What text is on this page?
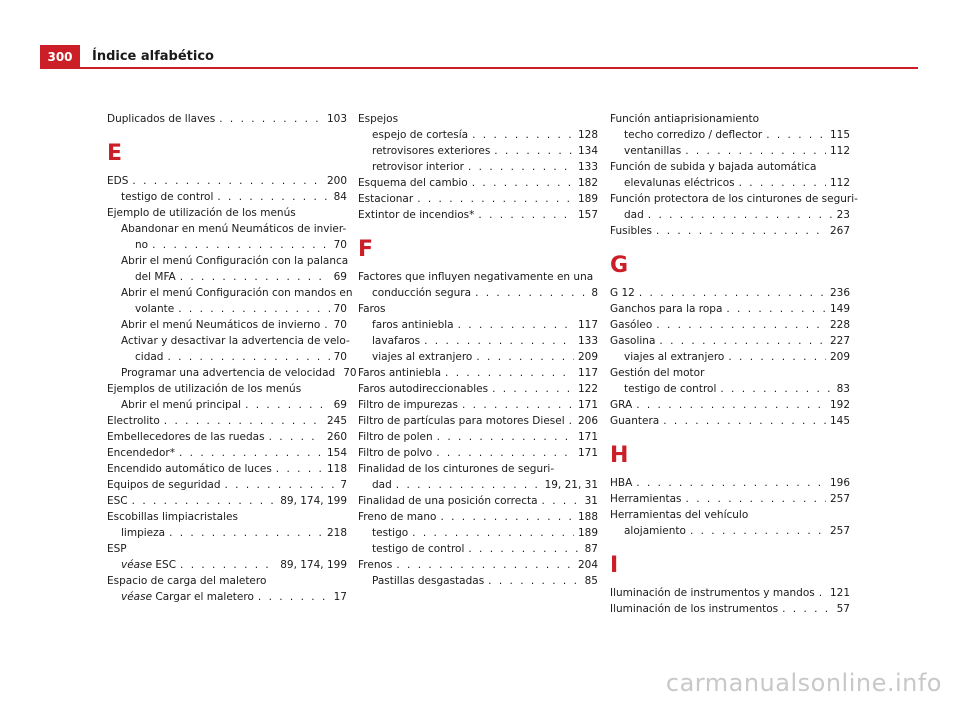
300	Índice alfabético
Duplicados de llaves . . .	103
E
EDS . . .	200
testigo de control . . .	84
Ejemplo de utilización de los menús
Abandonar en menú Neumáticos de invier-
no . . .	70
Abrir el menú Configuración con la palanca
del MFA . . .	69
Abrir el menú Configuración con mandos en
volante . . .	70
Abrir el menú Neumáticos de invierno . . . 70
Activar y desactivar la advertencia de velo-
cidad . . .	70
Programar una advertencia de velocidad 70
Ejemplos de utilización de los menús
Abrir el menú principal . . .	69
Electrolito . . .	245
Embellecedores de las ruedas . . .	260
Encendedor* . . .	154
Encendido automático de luces . . .	118
Equipos de seguridad . . .	7
ESC . . .	89, 174, 199
Escobillas limpiacristales
limpieza . . .	218
ESP
véase
ESC . . .	89, 174, 199
Espacio de carga del maletero
véase
Cargar el maletero . . .	17
Espejos
espejo de cortesía . . .	128
retrovisores exteriores . . .	134
retrovisor interior . . .	133
Esquema del cambio . . .	182
Estacionar . . .	189
Extintor de incendios* . . .	157
F
Factores que influyen negativamente en una
conducción segura . . .	8
Faros
faros antiniebla . . .	117
lavafaros . . .	133
viajes al extranjero . . .	209
Faros antiniebla . . .	117
Faros autodireccionables . . .	122
Filtro de impurezas . . .	171
Filtro de partículas para motores Diesel . . . 206
Filtro de polen . . .	171
Filtro de polvo . . .	171
Finalidad de los cinturones de seguri-
dad . . .	19, 21, 31
Finalidad de una posición correcta . . .	31
Freno de mano . . .	188
testigo . . .	189
testigo de control . . .	87
Frenos . . .	204
Pastillas desgastadas . . .	85
Función antiaprisionamiento
techo corredizo / deflector . . .	115
ventanillas . . .	112
Función de subida y bajada automática
elevalunas eléctricos . . .	112
Función protectora de los cinturones de seguri-
dad . . .	23
Fusibles . . .	267
G
G 12 . . .	236
Ganchos para la ropa . . .	149
Gasóleo . . .	228
Gasolina . . .	227
viajes al extranjero . . .	209
Gestión del motor
testigo de control . . .	83
GRA . . .	192
Guantera . . .	145
H
HBA . . .	196
Herramientas . . .	257
Herramientas del vehículo
alojamiento . . .	257
I
Iluminación de instrumentos y mandos . . . 121
Iluminación de los instrumentos . . .	57
carmanualsonline.info
